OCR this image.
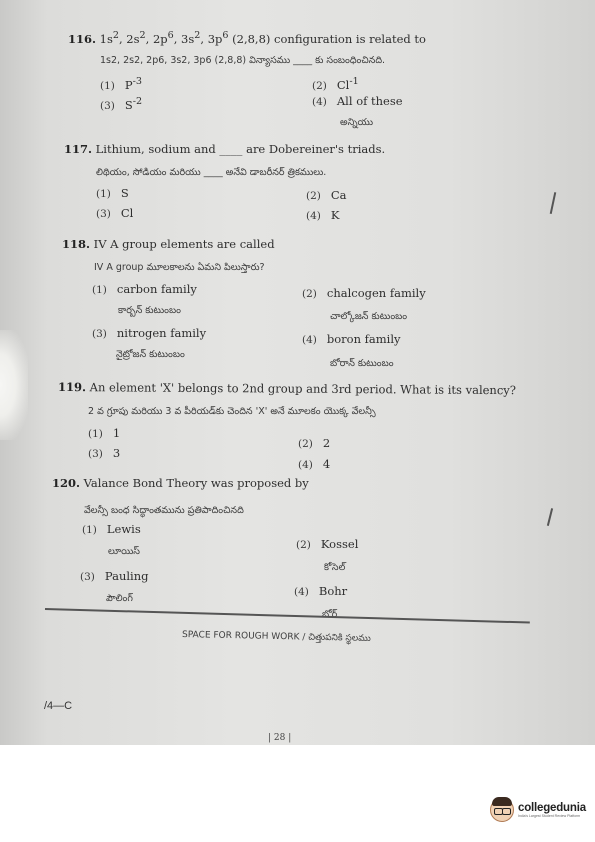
116. $1s^2$, $2s^2$, $2p^6$, $3s^2$, $3p^6$ (2,8,8) configuration is related to
1s2, 2s2, 2p6, 3s2, 3p6 (2,8,8) విన్యాసము ____ కు సంబంధించినది.
(1) $P^{-3}$	(2) $Cl^{-1}$
(3) $S^{-2}$	(4) All of these
అన్నియు
117. Lithium, sodium and ____ are Dobereiner's triads.
లిథియం, సోడియం మరియు ____ అనేవి డాబరీనర్ త్రికములు.
(1) S	(2) Ca
(3) Cl	(4) K
118. IV A group elements are called
IV A group మూలకాలను ఏమని పిలుస్తారు?
(1) carbon family
కార్బన్ కుటుంబం
(2) chalcogen family
చాల్కోజన్ కుటుంబం
(3) nitrogen family
నైట్రోజన్ కుటుంబం
(4) boron family
బోరాన్ కుటుంబం
119. An element 'X' belongs to 2nd group and 3rd period. What is its valency?
2 వ గ్రూపు మరియు 3 వ పీరియడ్‌కు చెందిన 'X' అనే మూలకం యొక్క వేలన్సీ
(1) 1
(2) 2
(3) 3
(4) 4
120. Valance Bond Theory was proposed by
వేలన్సీ బంధ సిద్ధాంతమును ప్రతిపాదించినది
(1) Lewis
లూయిస్
(2) Kossel
కోసెల్
(3) Pauling
పౌలింగ్
(4) Bohr
బోర్
SPACE FOR ROUGH WORK / చిత్తుపనికి స్థలము
/4—C
| 28 |
collegedunia
India's Largest Student Review Platform
